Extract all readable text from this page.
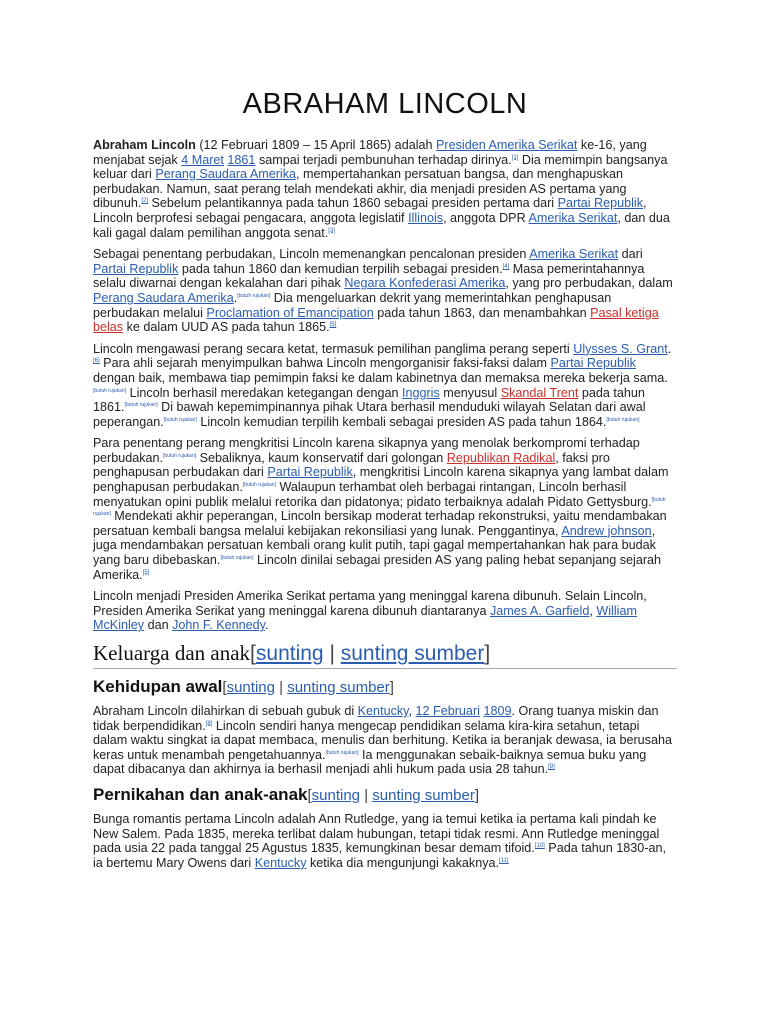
ABRAHAM LINCOLN

Abraham Lincoln (12 Februari 1809 – 15 April 1865) adalah Presiden Amerika Serikat ke-16, yang menjabat sejak 4 Maret 1861 sampai terjadi pembunuhan terhadap dirinya.[1] Dia memimpin bangsanya keluar dari Perang Saudara Amerika, mempertahankan persatuan bangsa, dan menghapuskan perbudakan. Namun, saat perang telah mendekati akhir, dia menjadi presiden AS pertama yang dibunuh.[2] Sebelum pelantikannya pada tahun 1860 sebagai presiden pertama dari Partai Republik, Lincoln berprofesi sebagai pengacara, anggota legislatif Illinois, anggota DPR Amerika Serikat, dan dua kali gagal dalam pemilihan anggota senat.[3]

Sebagai penentang perbudakan, Lincoln memenangkan pencalonan presiden Amerika Serikat dari Partai Republik pada tahun 1860 dan kemudian terpilih sebagai presiden.[4] Masa pemerintahannya selalu diwarnai dengan kekalahan dari pihak Negara Konfederasi Amerika, yang pro perbudakan, dalam Perang Saudara Amerika.[butuh rujukan] Dia mengeluarkan dekrit yang memerintahkan penghapusan perbudakan melalui Proclamation of Emancipation pada tahun 1863, dan menambahkan Pasal ketiga belas ke dalam UUD AS pada tahun 1865.[5]

Lincoln mengawasi perang secara ketat, termasuk pemilihan panglima perang seperti Ulysses S. Grant.[6] Para ahli sejarah menyimpulkan bahwa Lincoln mengorganisir faksi-faksi dalam Partai Republik dengan baik, membawa tiap pemimpin faksi ke dalam kabinetnya dan memaksa mereka bekerja sama.[butuh rujukan] Lincoln berhasil meredakan ketegangan dengan Inggris menyusul Skandal Trent pada tahun 1861.[butuh rujukan] Di bawah kepemimpinannya pihak Utara berhasil menduduki wilayah Selatan dari awal peperangan.[butuh rujukan] Lincoln kemudian terpilih kembali sebagai presiden AS pada tahun 1864.[butuh rujukan]

Para penentang perang mengkritisi Lincoln karena sikapnya yang menolak berkompromi terhadap perbudakan.[butuh rujukan] Sebaliknya, kaum konservatif dari golongan Republikan Radikal, faksi pro penghapusan perbudakan dari Partai Republik, mengkritisi Lincoln karena sikapnya yang lambat dalam penghapusan perbudakan.[butuh rujukan] Walaupun terhambat oleh berbagai rintangan, Lincoln berhasil menyatukan opini publik melalui retorika dan pidatonya; pidato terbaiknya adalah Pidato Gettysburg.[butuh rujukan] Mendekati akhir peperangan, Lincoln bersikap moderat terhadap rekonstruksi, yaitu mendambakan persatuan kembali bangsa melalui kebijakan rekonsiliasi yang lunak. Penggantinya, Andrew johnson, juga mendambakan persatuan kembali orang kulit putih, tapi gagal mempertahankan hak para budak yang baru dibebaskan.[butuh rujukan] Lincoln dinilai sebagai presiden AS yang paling hebat sepanjang sejarah Amerika.[5]

Lincoln menjadi Presiden Amerika Serikat pertama yang meninggal karena dibunuh. Selain Lincoln, Presiden Amerika Serikat yang meninggal karena dibunuh diantaranya James A. Garfield, William McKinley dan John F. Kennedy.

Keluarga dan anak[sunting | sunting sumber]
Kehidupan awal[sunting | sunting sumber]

Abraham Lincoln dilahirkan di sebuah gubuk di Kentucky, 12 Februari 1809. Orang tuanya miskin dan tidak berpendidikan.[8] Lincoln sendiri hanya mengecap pendidikan selama kira-kira setahun, tetapi dalam waktu singkat ia dapat membaca, menulis dan berhitung. Ketika ia beranjak dewasa, ia berusaha keras untuk menambah pengetahuannya.[butuh rujukan] Ia menggunakan sebaik-baiknya semua buku yang dapat dibacanya dan akhirnya ia berhasil menjadi ahli hukum pada usia 28 tahun.[9]

Pernikahan dan anak-anak[sunting | sunting sumber]

Bunga romantis pertama Lincoln adalah Ann Rutledge, yang ia temui ketika ia pertama kali pindah ke New Salem. Pada 1835, mereka terlibat dalam hubungan, tetapi tidak resmi. Ann Rutledge meninggal pada usia 22 pada tanggal 25 Agustus 1835, kemungkinan besar demam tifoid.[10] Pada tahun 1830-an, ia bertemu Mary Owens dari Kentucky ketika dia mengunjungi kakaknya.[11]
